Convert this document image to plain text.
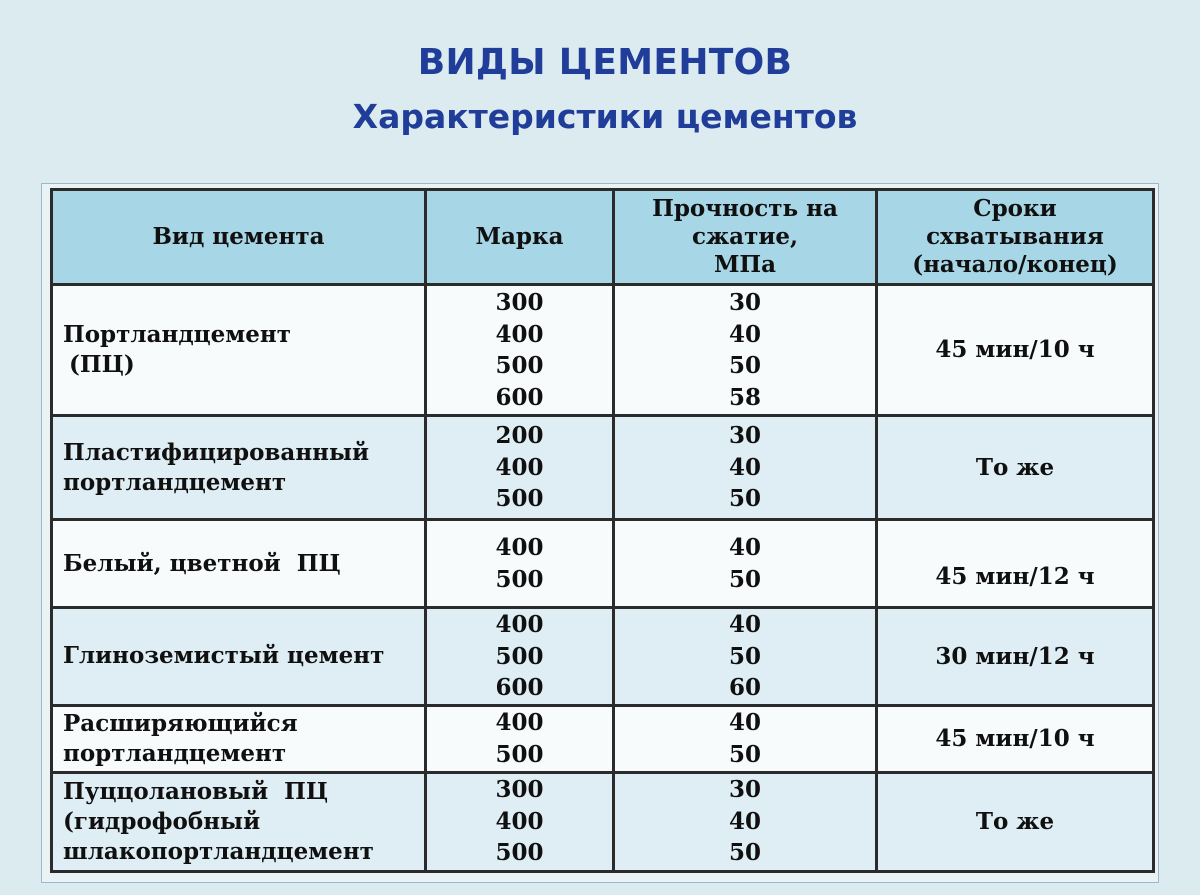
ВИДЫ ЦЕМЕНТОВ
Характеристики цементов
Вид цемента	Марка	Прочность на
сжатие,
МПа	Сроки
схватывания
(начало/конец)

Портландцемент
(ПЦ)	300
400
500
600	30
40
50
58	45 мин/10 ч

Пластифицированный
портландцемент	200
400
500	30
40
50	То же

Белый, цветной  ПЦ	400
500	40
50	45 мин/12 ч

Глиноземистый цемент	400
500
600	40
50
60	30 мин/12 ч

Расширяющийся
портландцемент	400
500	40
50	45 мин/10 ч

Пуццолановый  ПЦ
(гидрофобный
шлакопортландцемент	300
400
500	30
40
50	То же
